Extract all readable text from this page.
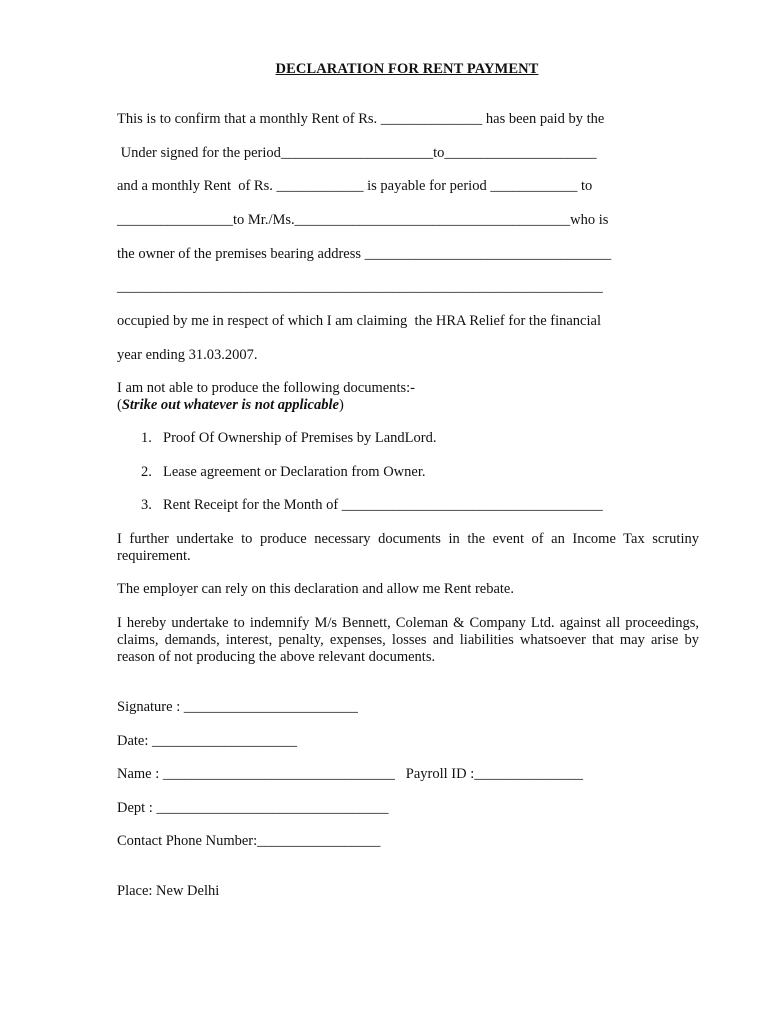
DECLARATION FOR RENT PAYMENT
This is to confirm that a monthly Rent of Rs. ______________ has been paid by the
Under signed for the period_____________________to_____________________
and a monthly Rent  of Rs. ____________ is payable for period ____________ to
________________to Mr./Ms.______________________________________who is
the owner of the premises bearing address __________________________________
___________________________________________________________________
occupied by me in respect of which I am claiming  the HRA Relief for the financial
year ending 31.03.2007.
I am not able to produce the following documents:-
(Strike out whatever is not applicable)
1. Proof Of Ownership of Premises by LandLord.
2. Lease agreement or Declaration from Owner.
3. Rent Receipt for the Month of ____________________________________
I further undertake to produce necessary documents in the event of an Income Tax scrutiny requirement.
The employer can rely on this declaration and allow me Rent rebate.
I hereby undertake to indemnify M/s Bennett, Coleman & Company Ltd. against all proceedings, claims, demands, interest, penalty, expenses, losses and liabilities whatsoever that may arise by reason of not producing the above relevant documents.
Signature : ________________________
Date: ____________________
Name : ________________________________   Payroll ID :_______________
Dept : ________________________________
Contact Phone Number:_________________
Place: New Delhi
